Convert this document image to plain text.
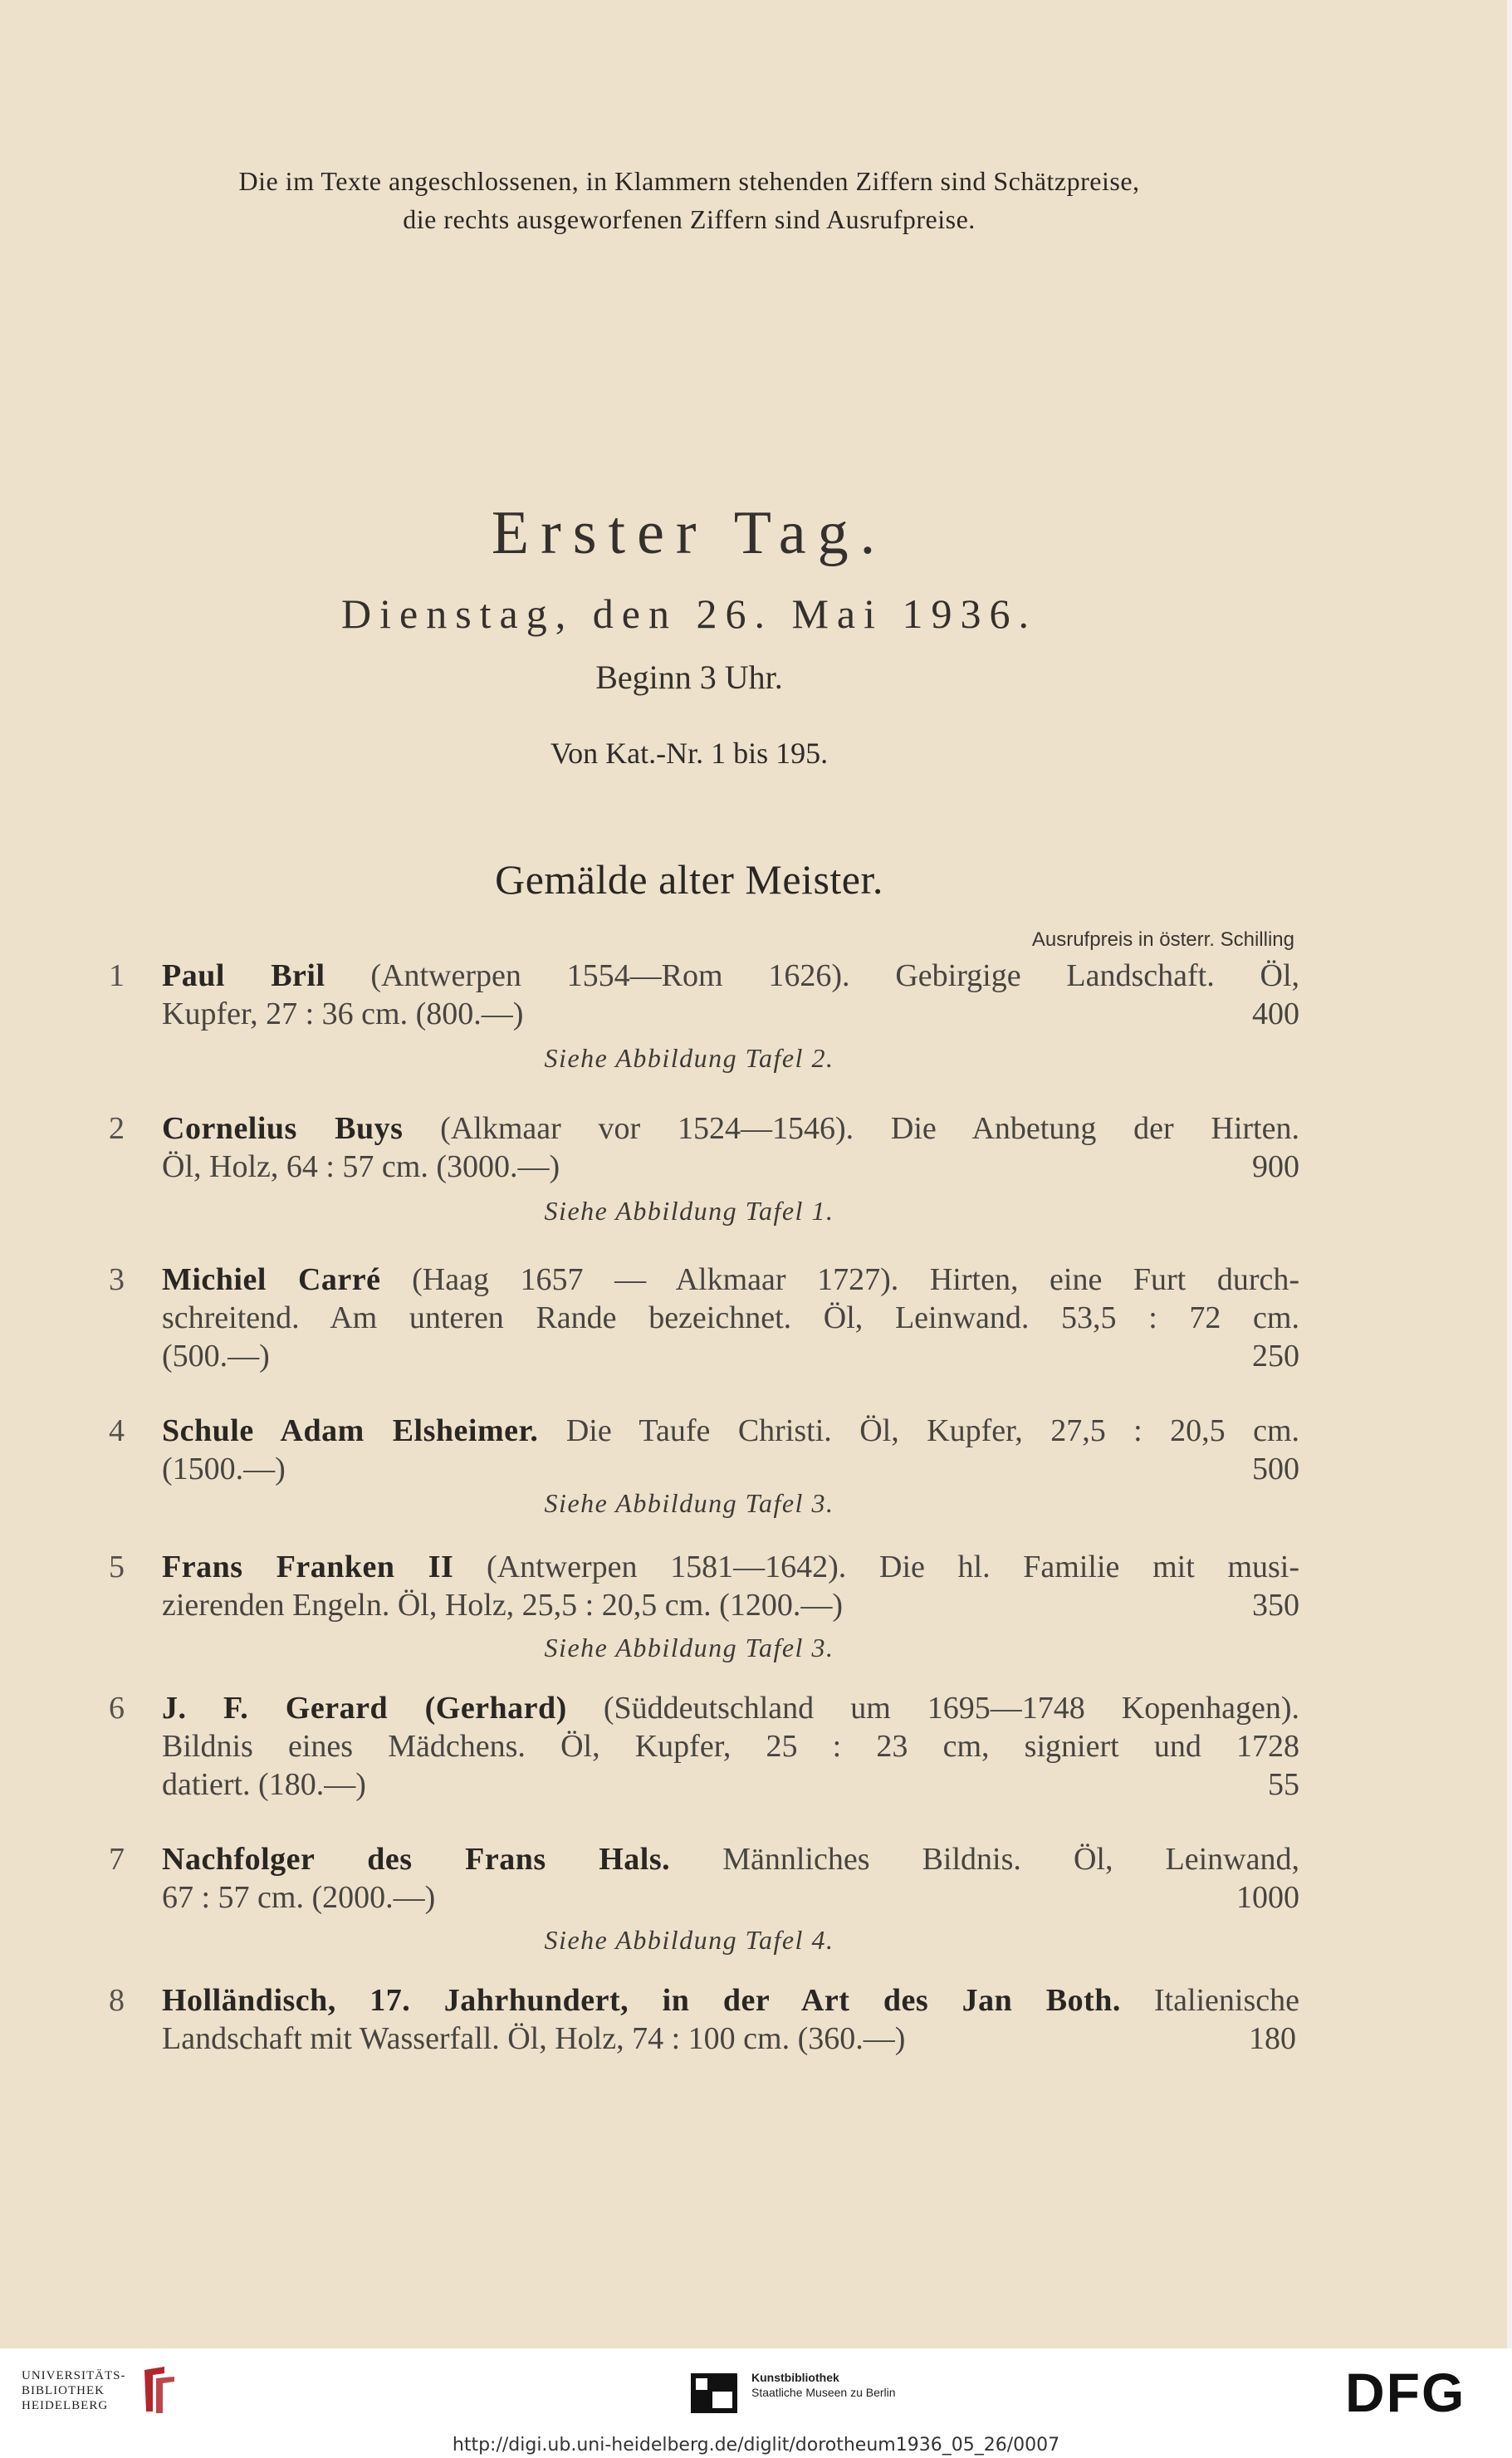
Die im Texte angeschlossenen, in Klammern stehenden Ziffern sind Schätzpreise,
die rechts ausgeworfenen Ziffern sind Ausrufpreise.
Erster Tag.
Dienstag, den 26. Mai 1936.
Beginn 3 Uhr.
Von Kat.-Nr. 1 bis 195.
Gemälde alter Meister.
Ausrufpreis in österr. Schilling
1 Paul Bril (Antwerpen 1554—Rom 1626). Gebirgige Landschaft. Öl,
Kupfer, 27 : 36 cm. (800.—)	400
Siehe Abbildung Tafel 2.
2 Cornelius Buys (Alkmaar vor 1524—1546). Die Anbetung der Hirten.
Öl, Holz, 64 : 57 cm. (3000.—)	900
Siehe Abbildung Tafel 1.
3 Michiel Carré (Haag 1657 — Alkmaar 1727). Hirten, eine Furt durch-
schreitend. Am unteren Rande bezeichnet. Öl, Leinwand. 53,5 : 72 cm.
(500.—)	250
4 Schule Adam Elsheimer. Die Taufe Christi. Öl, Kupfer, 27,5 : 20,5 cm.
(1500.—)	500
Siehe Abbildung Tafel 3.
5 Frans Franken II (Antwerpen 1581—1642). Die hl. Familie mit musi-
zierenden Engeln. Öl, Holz, 25,5 : 20,5 cm. (1200.—)	350
Siehe Abbildung Tafel 3.
6 J. F. Gerard (Gerhard) (Süddeutschland um 1695—1748 Kopenhagen).
Bildnis eines Mädchens. Öl, Kupfer, 25 : 23 cm, signiert und 1728
datiert. (180.—)	55
7 Nachfolger des Frans Hals. Männliches Bildnis. Öl, Leinwand,
67 : 57 cm. (2000.—)	1000
Siehe Abbildung Tafel 4.
8 Holländisch, 17. Jahrhundert, in der Art des Jan Both. Italienische
Landschaft mit Wasserfall. Öl, Holz, 74 : 100 cm. (360.—)	180
UNIVERSITÄTS-
BIBLIOTHEK
HEIDELBERG
Kunstbibliothek
Staatliche Museen zu Berlin	DFG
http://digi.ub.uni-heidelberg.de/diglit/dorotheum1936_05_26/0007
